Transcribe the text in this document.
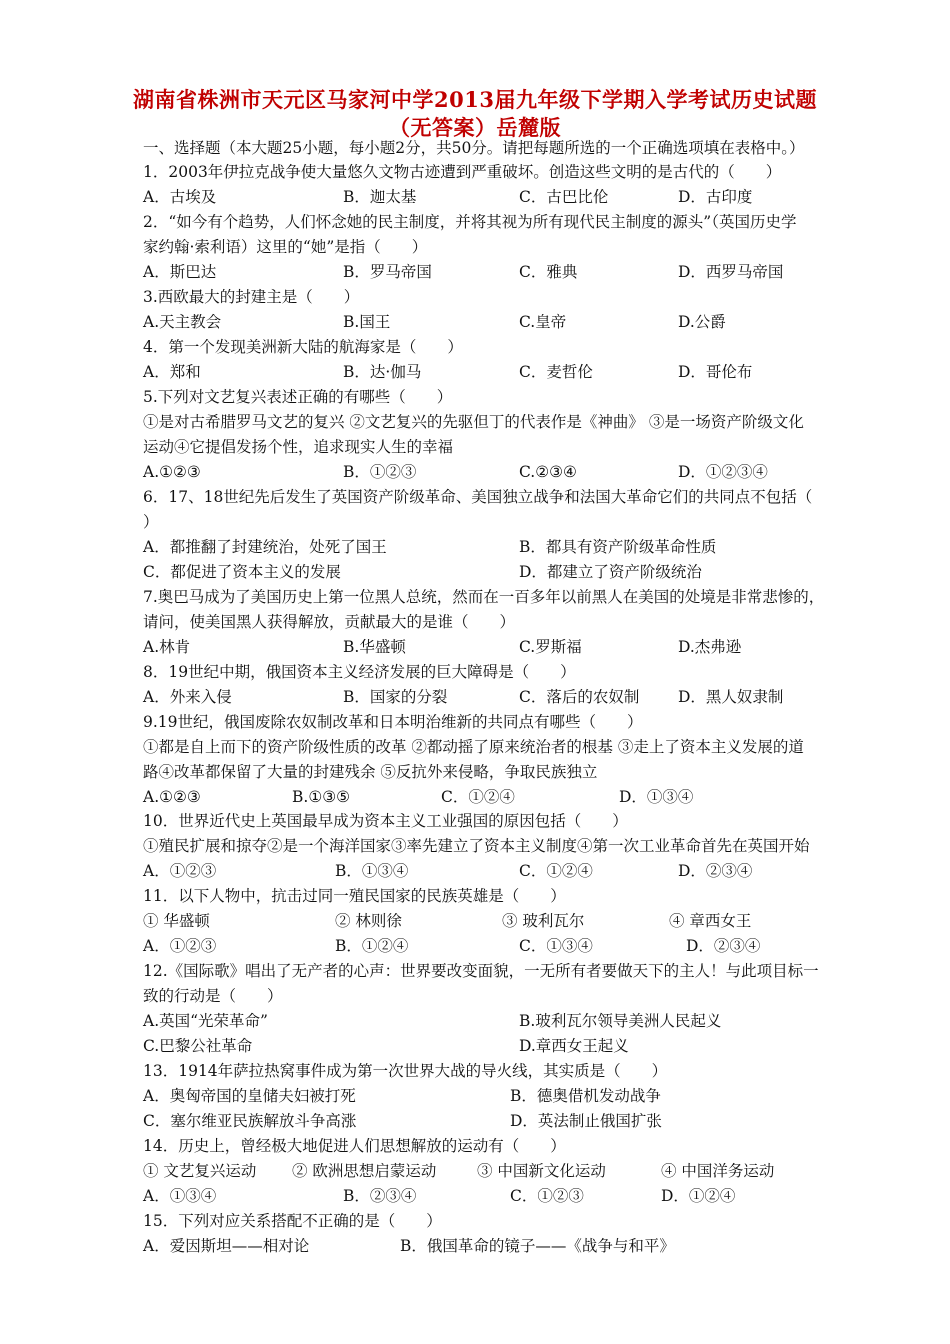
湖南省株洲市天元区马家河中学2013届九年级下学期入学考试历史试题
（无答案）岳麓版
一、选择题（本大题25小题，每小题2分，共50分。请把每题所选的一个正确选项填在表格中。）
1．2003年伊拉克战争使大量悠久文物古迹遭到严重破坏。创造这些文明的是古代的（　　）
A．古埃及	B．迦太基	C．古巴比伦	D．古印度
2．“如今有个趋势，人们怀念她的民主制度，并将其视为所有现代民主制度的源头”（英国历史学
家约翰·索利语）这里的“她”是指（　　）
A．斯巴达	B．罗马帝国	C．雅典	D．西罗马帝国
3.西欧最大的封建主是（　　）
A.天主教会	B.国王	C.皇帝	D.公爵
4．第一个发现美洲新大陆的航海家是（　　）
A．郑和	B．达·伽马	C．麦哲伦	D．哥伦布
5.下列对文艺复兴表述正确的有哪些（　　）
①是对古希腊罗马文艺的复兴 ②文艺复兴的先驱但丁的代表作是《神曲》 ③是一场资产阶级文化
运动④它提倡发扬个性，追求现实人生的幸福
A.①②③	B．①②③	C.②③④	D．①②③④
6．17、18世纪先后发生了英国资产阶级革命、美国独立战争和法国大革命它们的共同点不包括（
）
A．都推翻了封建统治，处死了国王	B．都具有资产阶级革命性质
C．都促进了资本主义的发展	D．都建立了资产阶级统治
7.奥巴马成为了美国历史上第一位黑人总统，然而在一百多年以前黑人在美国的处境是非常悲惨的，
请问，使美国黑人获得解放，贡献最大的是谁（　　）
A.林肯	B.华盛顿	C.罗斯福	D.杰弗逊
8．19世纪中期，俄国资本主义经济发展的巨大障碍是（　　）
A．外来入侵	B．国家的分裂	C．落后的农奴制 D．黑人奴隶制
9.19世纪，俄国废除农奴制改革和日本明治维新的共同点有哪些（　　）
①都是自上而下的资产阶级性质的改革 ②都动摇了原来统治者的根基 ③走上了资本主义发展的道
路④改革都保留了大量的封建残余 ⑤反抗外来侵略，争取民族独立
A.①②③	B.①③⑤	C．①②④	D．①③④
10．世界近代史上英国最早成为资本主义工业强国的原因包括（　　）
①殖民扩展和掠夺②是一个海洋国家③率先建立了资本主义制度④第一次工业革命首先在英国开始
A．①②③	B．①③④	C．①②④	D．②③④
11．以下人物中，抗击过同一殖民国家的民族英雄是（　　）
① 华盛顿	② 林则徐	③ 玻利瓦尔	④ 章西女王
A．①②③	B．①②④	C．①③④	D．②③④
12.《国际歌》唱出了无产者的心声：世界要改变面貌，一无所有者要做天下的主人！与此项目标一
致的行动是（　　）
A.英国“光荣革命”	B.玻利瓦尔领导美洲人民起义
C.巴黎公社革命	D.章西女王起义
13．1914年萨拉热窝事件成为第一次世界大战的导火线，其实质是（　　）
A．奥匈帝国的皇储夫妇被打死	B．德奥借机发动战争
C．塞尔维亚民族解放斗争高涨	D．英法制止俄国扩张
14．历史上，曾经极大地促进人们思想解放的运动有（　　）
① 文艺复兴运动 ② 欧洲思想启蒙运动	③ 中国新文化运动	④ 中国洋务运动
A．①③④	B．②③④	C．①②③	D．①②④
15．下列对应关系搭配不正确的是（　　）
A．爱因斯坦——相对论	B．俄国革命的镜子——《战争与和平》
